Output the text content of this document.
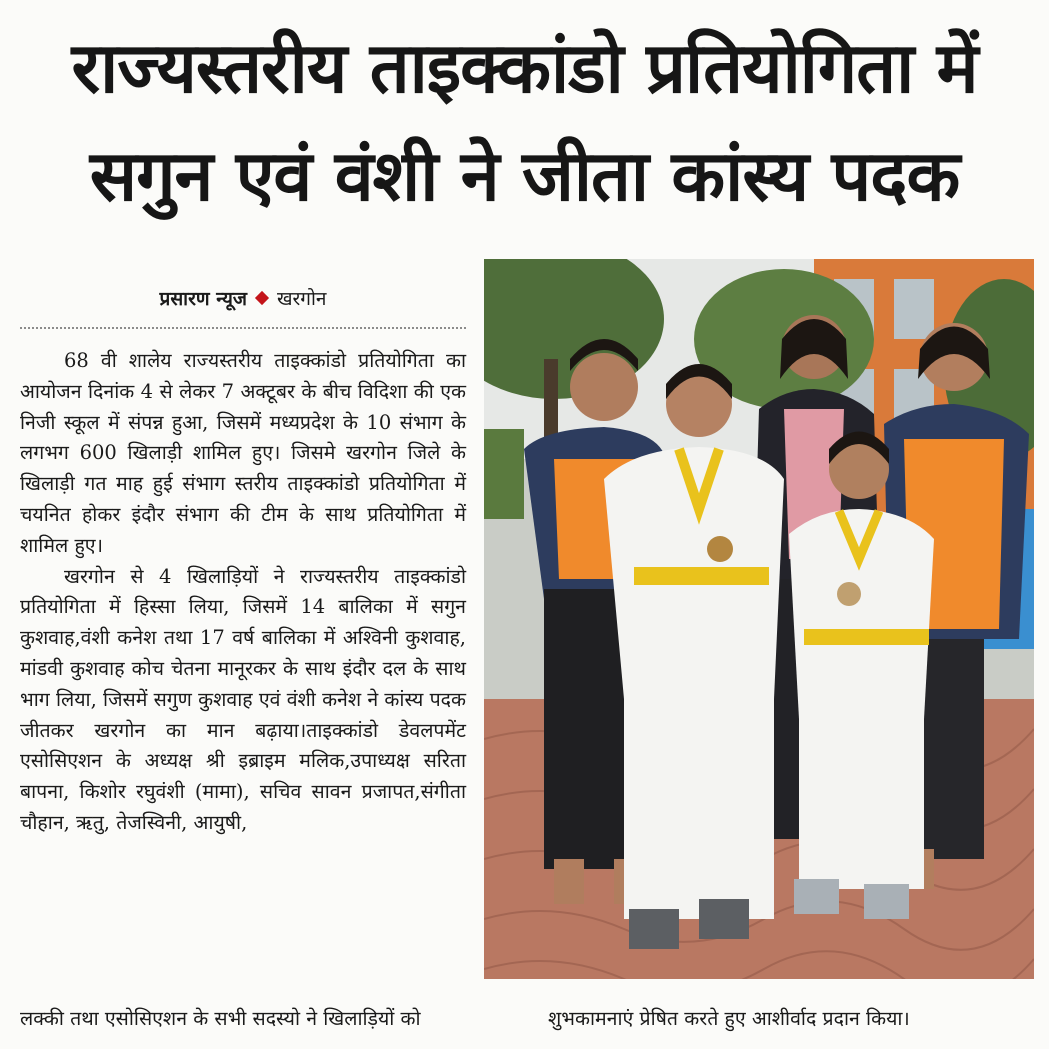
राज्यस्तरीय ताइक्कांडो प्रतियोगिता में
सगुन एवं वंशी ने जीता कांस्य पदक
प्रसारण न्यूज खरगोन

68 वी शालेय राज्यस्तरीय ताइक्कांडो प्रतियोगिता का आयोजन दिनांक 4 से लेकर 7 अक्टूबर के बीच विदिशा की एक निजी स्कूल में संपन्न हुआ, जिसमें मध्यप्रदेश के 10 संभाग के लगभग 600 खिलाड़ी शामिल हुए। जिसमे खरगोन जिले के खिलाड़ी गत माह हुई संभाग स्तरीय ताइक्कांडो प्रतियोगिता में चयनित होकर इंदौर संभाग की टीम के साथ प्रतियोगिता में शामिल हुए।

खरगोन से 4 खिलाड़ियों ने राज्यस्तरीय ताइक्कांडो प्रतियोगिता में हिस्सा लिया, जिसमें 14 बालिका में सगुन कुशवाह,वंशी कनेश तथा 17 वर्ष बालिका में अश्विनी कुशवाह, मांडवी कुशवाह कोच चेतना मानूरकर के साथ इंदौर दल के साथ भाग लिया, जिसमें सगुण कुशवाह एवं वंशी कनेश ने कांस्य पदक जीतकर खरगोन का मान बढ़ाया।ताइक्कांडो डेवलपमेंट एसोसिएशन के अध्यक्ष श्री इब्राइम मलिक,उपाध्यक्ष सरिता बापना, किशोर रघुवंशी (मामा), सचिव सावन प्रजापत,संगीता चौहान, ऋतु, तेजस्विनी, आयुषी,

लक्की तथा एसोसिएशन के सभी सदस्यो ने खिलाड़ियों को	शुभकामनाएं प्रेषित करते हुए आशीर्वाद प्रदान किया।
